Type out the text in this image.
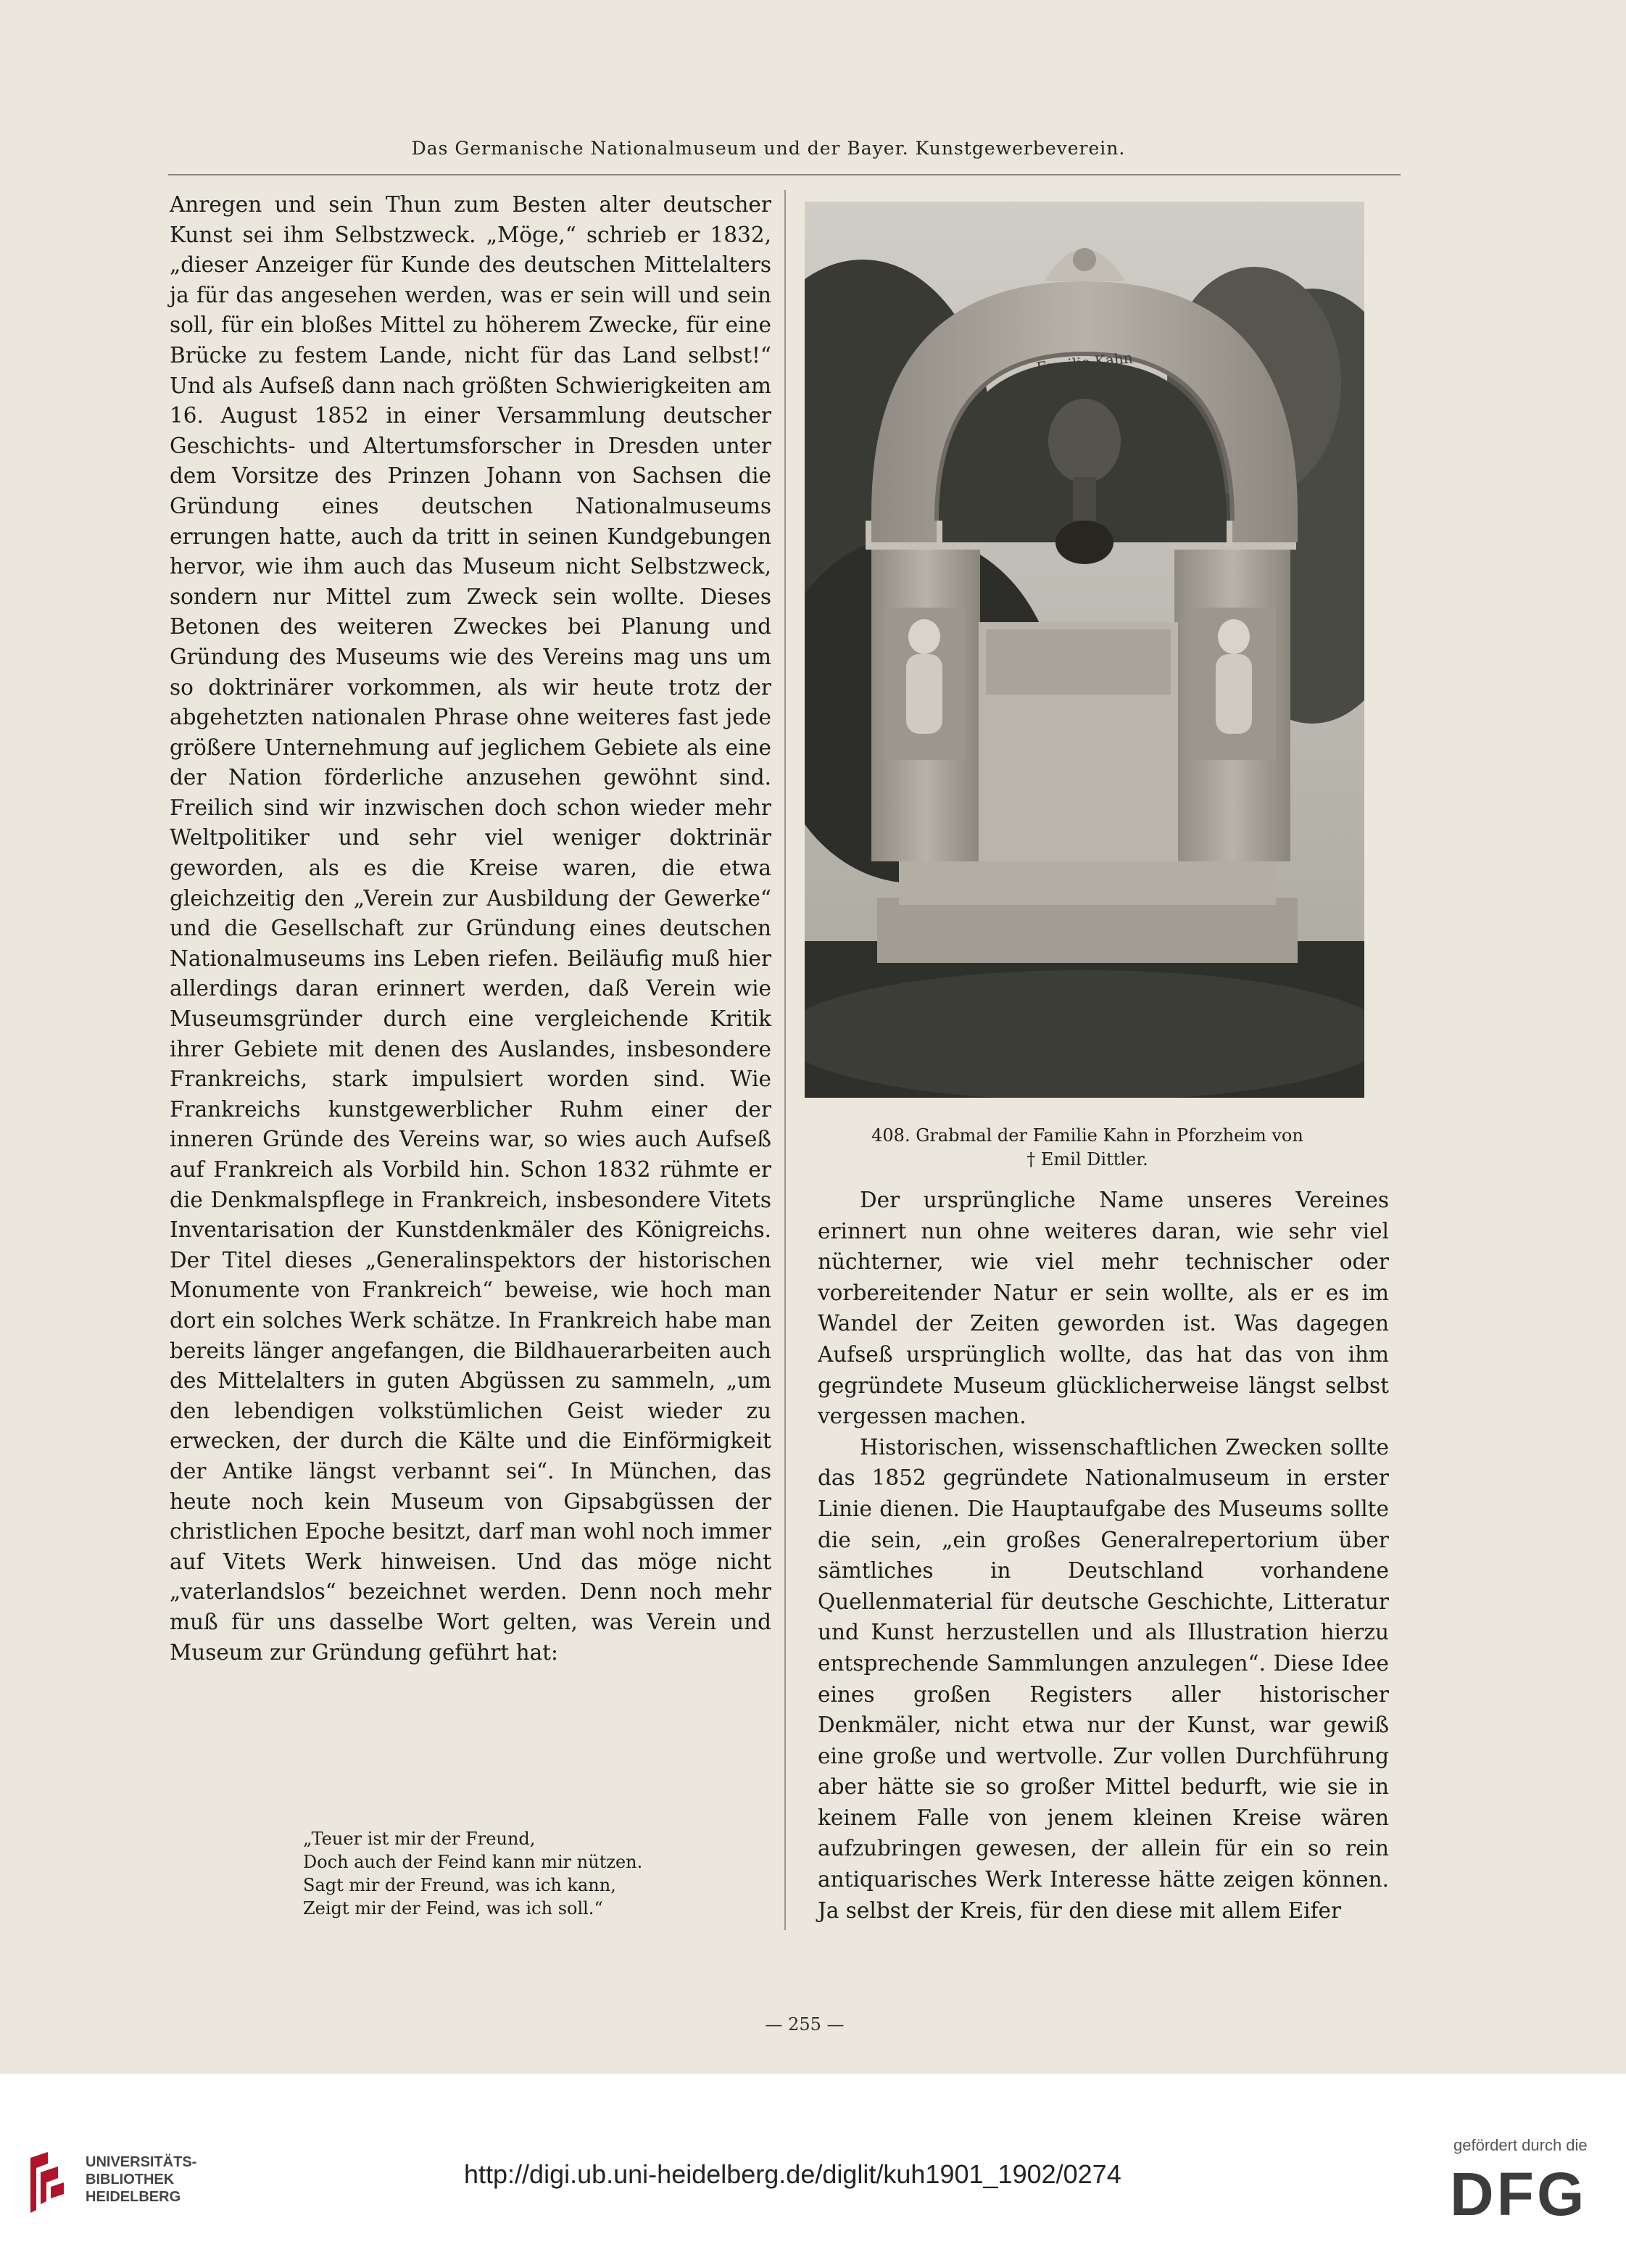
Das Germanische Nationalmuseum und der Bayer. Kunstgewerbeverein.

Anregen und sein Thun zum Besten alter deutscher Kunst sei ihm Selbstzweck. „Möge,“ schrieb er 1832, „dieser Anzeiger für Kunde des deutschen Mittelalters ja für das angesehen werden, was er sein will und sein soll, für ein bloßes Mittel zu höherem Zwecke, für eine Brücke zu festem Lande, nicht für das Land selbst!“ Und als Aufseß dann nach größten Schwierigkeiten am 16. August 1852 in einer Versammlung deutscher Geschichts- und Altertumsforscher in Dresden unter dem Vorsitze des Prinzen Johann von Sachsen die Gründung eines deutschen Nationalmuseums errungen hatte, auch da tritt in seinen Kundgebungen hervor, wie ihm auch das Museum nicht Selbstzweck, sondern nur Mittel zum Zweck sein wollte. Dieses Betonen des weiteren Zweckes bei Planung und Gründung des Museums wie des Vereins mag uns um so doktrinärer vorkommen, als wir heute trotz der abgehetzten nationalen Phrase ohne weiteres fast jede größere Unternehmung auf jeglichem Gebiete als eine der Nation förderliche anzusehen gewöhnt sind. Freilich sind wir inzwischen doch schon wieder mehr Weltpolitiker und sehr viel weniger doktrinär geworden, als es die Kreise waren, die etwa gleichzeitig den „Verein zur Ausbildung der Gewerke“ und die Gesellschaft zur Gründung eines deutschen Nationalmuseums ins Leben riefen. Beiläufig muß hier allerdings daran erinnert werden, daß Verein wie Museumsgründer durch eine vergleichende Kritik ihrer Gebiete mit denen des Auslandes, insbesondere Frankreichs, stark impulsiert worden sind. Wie Frankreichs kunstgewerblicher Ruhm einer der inneren Gründe des Vereins war, so wies auch Aufseß auf Frankreich als Vorbild hin. Schon 1832 rühmte er die Denkmalspflege in Frankreich, insbesondere Vitets Inventarisation der Kunstdenkmäler des Königreichs. Der Titel dieses „Generalinspektors der historischen Monumente von Frankreich“ beweise, wie hoch man dort ein solches Werk schätze. In Frankreich habe man bereits länger angefangen, die Bildhauerarbeiten auch des Mittelalters in guten Abgüssen zu sammeln, „um den lebendigen volkstümlichen Geist wieder zu erwecken, der durch die Kälte und die Einförmigkeit der Antike längst verbannt sei“. In München, das heute noch kein Museum von Gipsabgüssen der christlichen Epoche besitzt, darf man wohl noch immer auf Vitets Werk hinweisen. Und das möge nicht „vaterlandslos“ bezeichnet werden. Denn noch mehr muß für uns dasselbe Wort gelten, was Verein und Museum zur Gründung geführt hat:

„Teuer ist mir der Freund,
Doch auch der Feind kann mir nützen.
Sagt mir der Freund, was ich kann,
Zeigt mir der Feind, was ich soll.“
Familie Kahn
408. Grabmal der Familie Kahn in Pforzheim von
† Emil Dittler.

Der ursprüngliche Name unseres Vereines erinnert nun ohne weiteres daran, wie sehr viel nüchterner, wie viel mehr technischer oder vorbereitender Natur er sein wollte, als er es im Wandel der Zeiten geworden ist. Was dagegen Aufseß ursprünglich wollte, das hat das von ihm gegründete Museum glücklicherweise längst selbst vergessen machen.

Historischen, wissenschaftlichen Zwecken sollte das 1852 gegründete Nationalmuseum in erster Linie dienen. Die Hauptaufgabe des Museums sollte die sein, „ein großes Generalrepertorium über sämtliches in Deutschland vorhandene Quellenmaterial für deutsche Geschichte, Litteratur und Kunst herzustellen und als Illustration hierzu entsprechende Sammlungen anzulegen“. Diese Idee eines großen Registers aller historischer Denkmäler, nicht etwa nur der Kunst, war gewiß eine große und wertvolle. Zur vollen Durchführung aber hätte sie so großer Mittel bedurft, wie sie in keinem Falle von jenem kleinen Kreise wären aufzubringen gewesen, der allein für ein so rein antiquarisches Werk Interesse hätte zeigen können. Ja selbst der Kreis, für den diese mit allem Eifer

— 255 —
UNIVERSITÄTS-
BIBLIOTHEK
HEIDELBERG
http://digi.ub.uni-heidelberg.de/diglit/kuh1901_1902/0274
gefördert durch die
DFG
